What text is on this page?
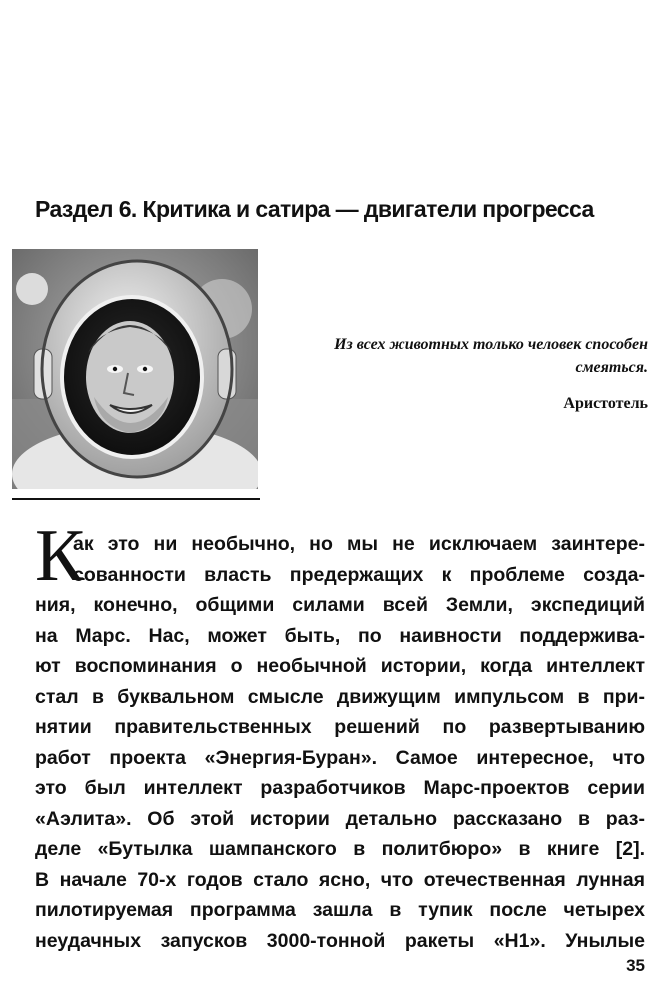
Раздел 6. Критика и сатира — двигатели прогресса
Из всех животных только человек способен
смеяться.
Аристотель
К
ак это ни необычно, но мы не исключаем заинтере-
сованности власть предержащих к проблеме созда-
ния, конечно, общими силами всей Земли, экспедиций
на Марс. Нас, может быть, по наивности поддержива-
ют воспоминания о необычной истории, когда интеллект
стал в буквальном смысле движущим импульсом в при-
нятии правительственных решений по развертыванию
работ проекта «Энергия-Буран». Самое интересное, что
это был интеллект разработчиков Марс-проектов серии
«Аэлита». Об этой истории детально рассказано в раз-
деле «Бутылка шампанского в политбюро» в книге [2].
В начале 70-х годов стало ясно, что отечественная лунная
пилотируемая программа зашла в тупик после четырех
неудачных запусков 3000-тонной ракеты «Н1». Унылые
35
